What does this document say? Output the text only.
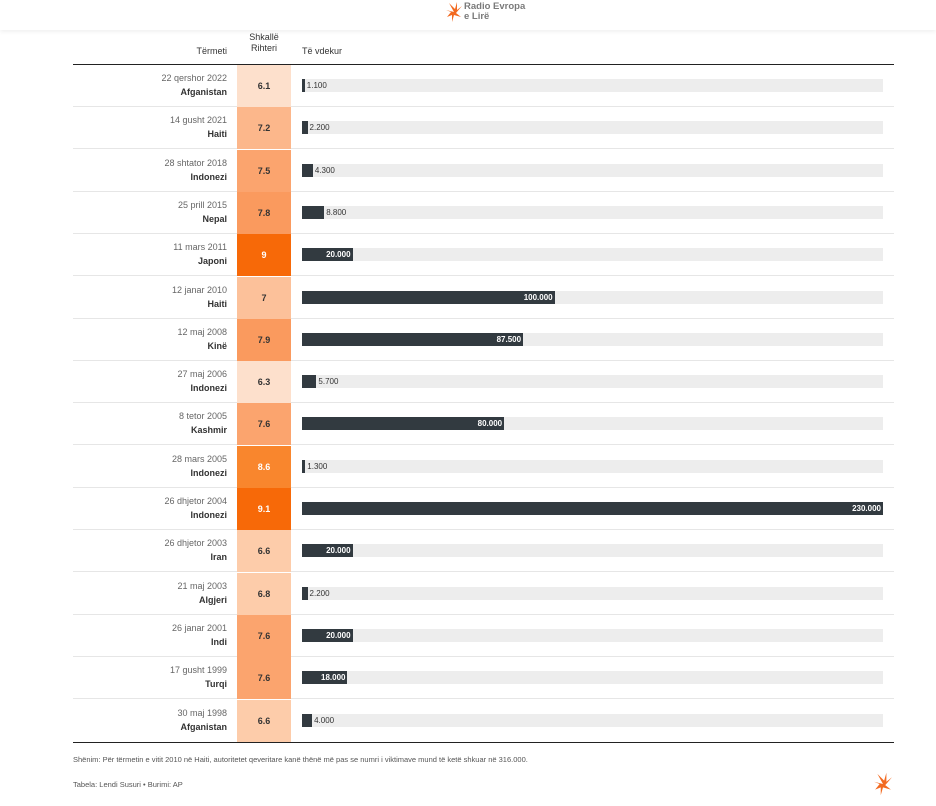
Radio Evropa
e Lirë
Tërmeti
Shkallë
Rihteri	Të vdekur
22 qershor 2022
Afganistan
6.1	1.100
14 gusht 2021
Haiti
7.2	2.200
28 shtator 2018
Indonezi
7.5	4.300
25 prill 2015
Nepal
7.8	8.800
11 mars 2011
Japoni
9	20.000
12 janar 2010
Haiti
7	100.000
12 maj 2008
Kinë
7.9	87.500
27 maj 2006
Indonezi
6.3	5.700
8 tetor 2005
Kashmir
7.6	80.000
28 mars 2005
Indonezi
8.6	1.300
26 dhjetor 2004
Indonezi
9.1	230.000
26 dhjetor 2003
Iran
6.6	20.000
21 maj 2003
Algjeri
6.8	2.200
26 janar 2001
Indi
7.6	20.000
17 gusht 1999
Turqi
7.6	18.000
30 maj 1998
Afganistan
6.6	4.000
Shënim: Për tërmetin e vitit 2010 në Haiti, autoritetet qeveritare kanë thënë më pas se numri i viktimave mund të ketë shkuar në 316.000.
Tabela: Lendi Susuri • Burimi: AP
